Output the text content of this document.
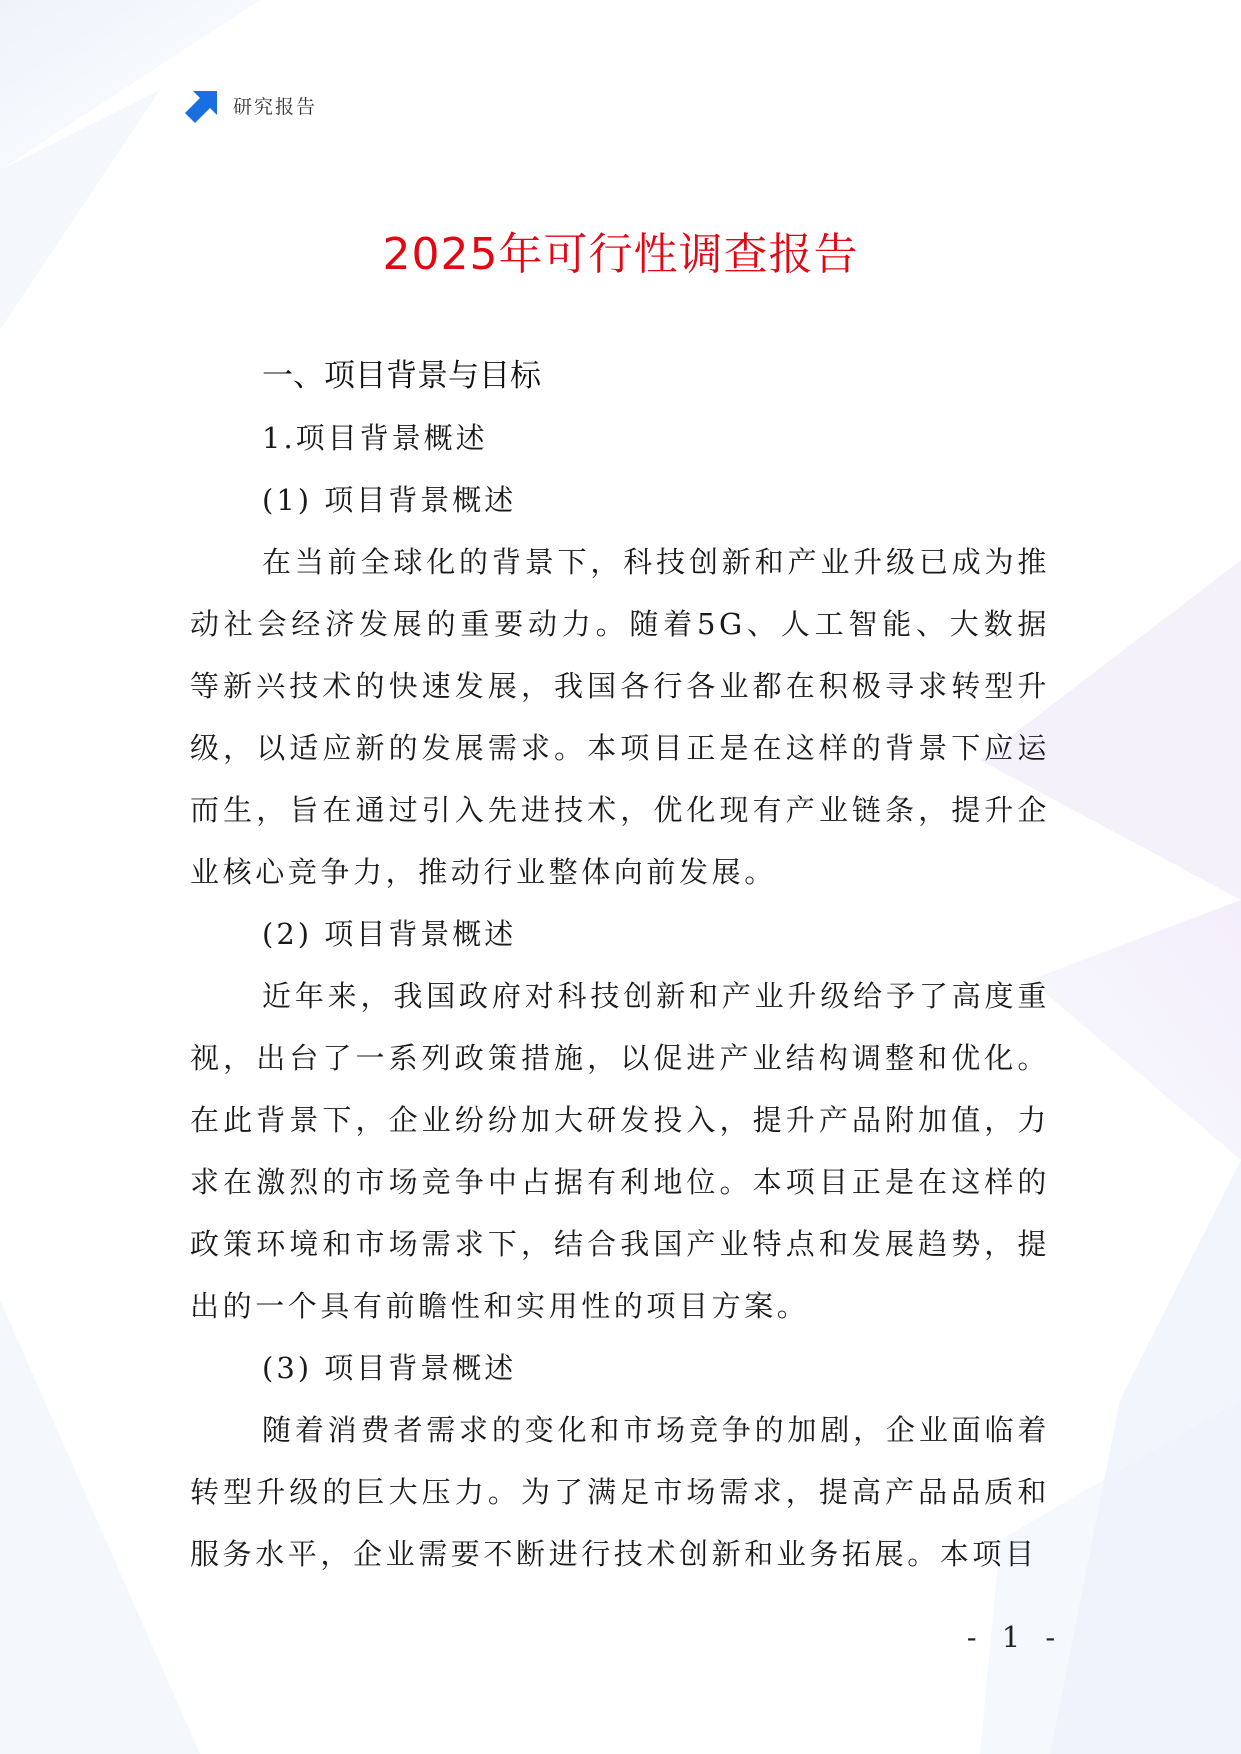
研究报告
2025年可行性调查报告
一、项目背景与目标
1.项目背景概述
(1) 项目背景概述

在当前全球化的背景下，科技创新和产业升级已成为推动社会经济发展的重要动力。随着5G、人工智能、大数据等新兴技术的快速发展，我国各行各业都在积极寻求转型升级，以适应新的发展需求。本项目正是在这样的背景下应运而生，旨在通过引入先进技术，优化现有产业链条，提升企业核心竞争力，推动行业整体向前发展。

(2) 项目背景概述

近年来，我国政府对科技创新和产业升级给予了高度重视，出台了一系列政策措施，以促进产业结构调整和优化。在此背景下，企业纷纷加大研发投入，提升产品附加值，力求在激烈的市场竞争中占据有利地位。本项目正是在这样的政策环境和市场需求下，结合我国产业特点和发展趋势，提出的一个具有前瞻性和实用性的项目方案。

(3) 项目背景概述

随着消费者需求的变化和市场竞争的加剧，企业面临着转型升级的巨大压力。为了满足市场需求，提高产品品质和服务水平，企业需要不断进行技术创新和业务拓展。本项目

- 1 -
